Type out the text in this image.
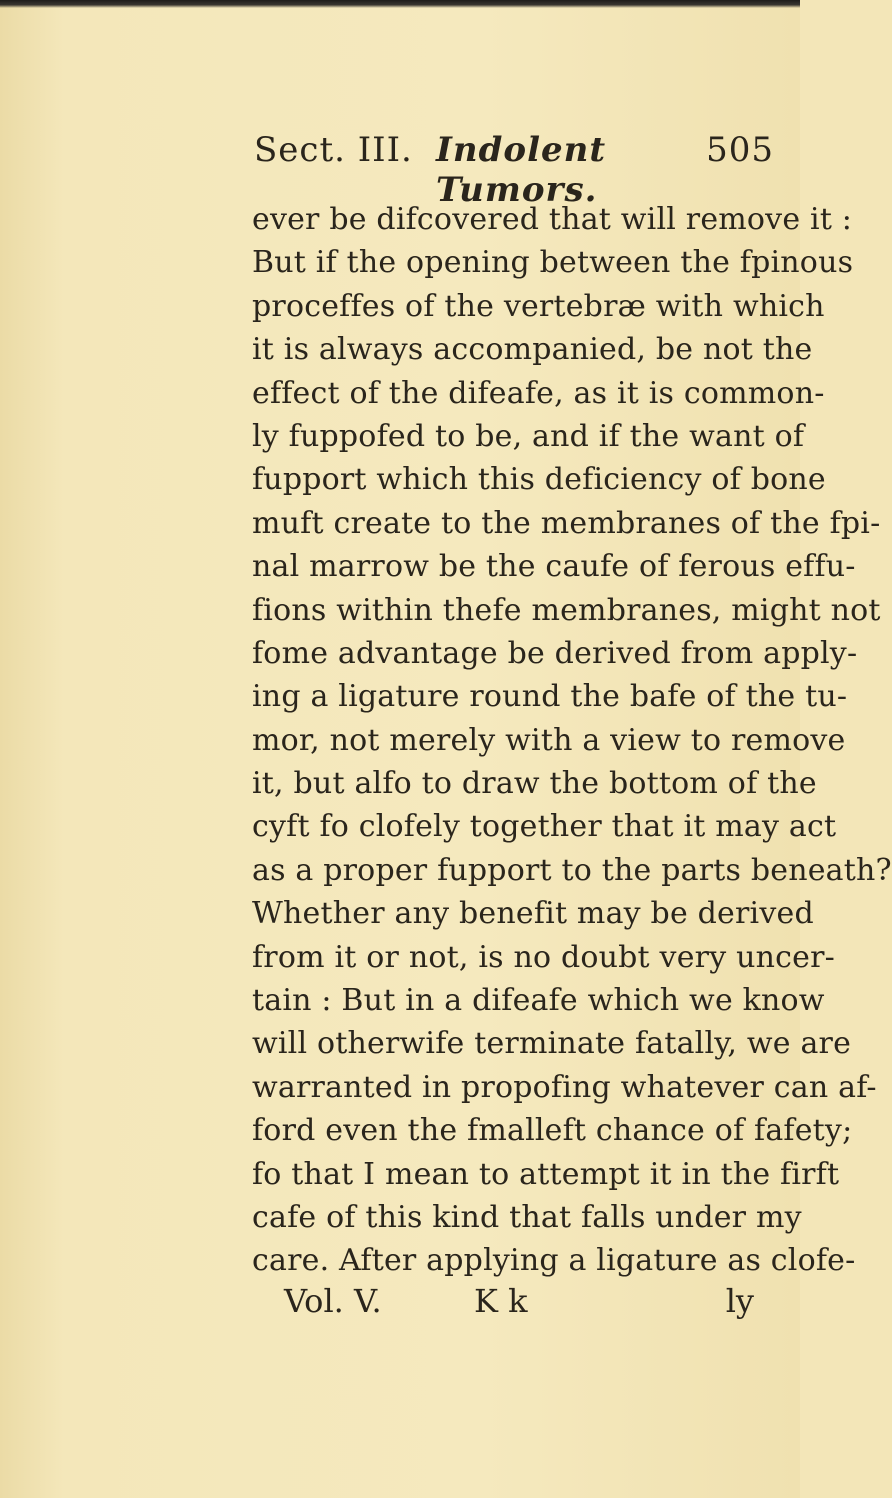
Sect. III. Indolent Tumors.
505
ever be difcovered that will remove it :
But if the opening between the fpinous
proceffes of the vertebræ with which
it is always accompanied, be not the
effect of the difeafe, as it is common-
ly fuppofed to be, and if the want of
fupport which this deficiency of bone
muft create to the membranes of the fpi-
nal marrow be the caufe of ferous effu-
fions within thefe membranes, might not
fome advantage be derived from apply-
ing a ligature round the bafe of the tu-
mor, not merely with a view to remove
it, but alfo to draw the bottom of the
cyft fo clofely together that it may act
as a proper fupport to the parts beneath?
Whether any benefit may be derived
from it or not, is no doubt very uncer-
tain : But in a difeafe which we know
will otherwife terminate fatally, we are
warranted in propofing whatever can af-
ford even the fmalleft chance of fafety;
fo that I mean to attempt it in the firft
cafe of this kind that falls under my
care. After applying a ligature as clofe-
Vol. V.	K k	ly
